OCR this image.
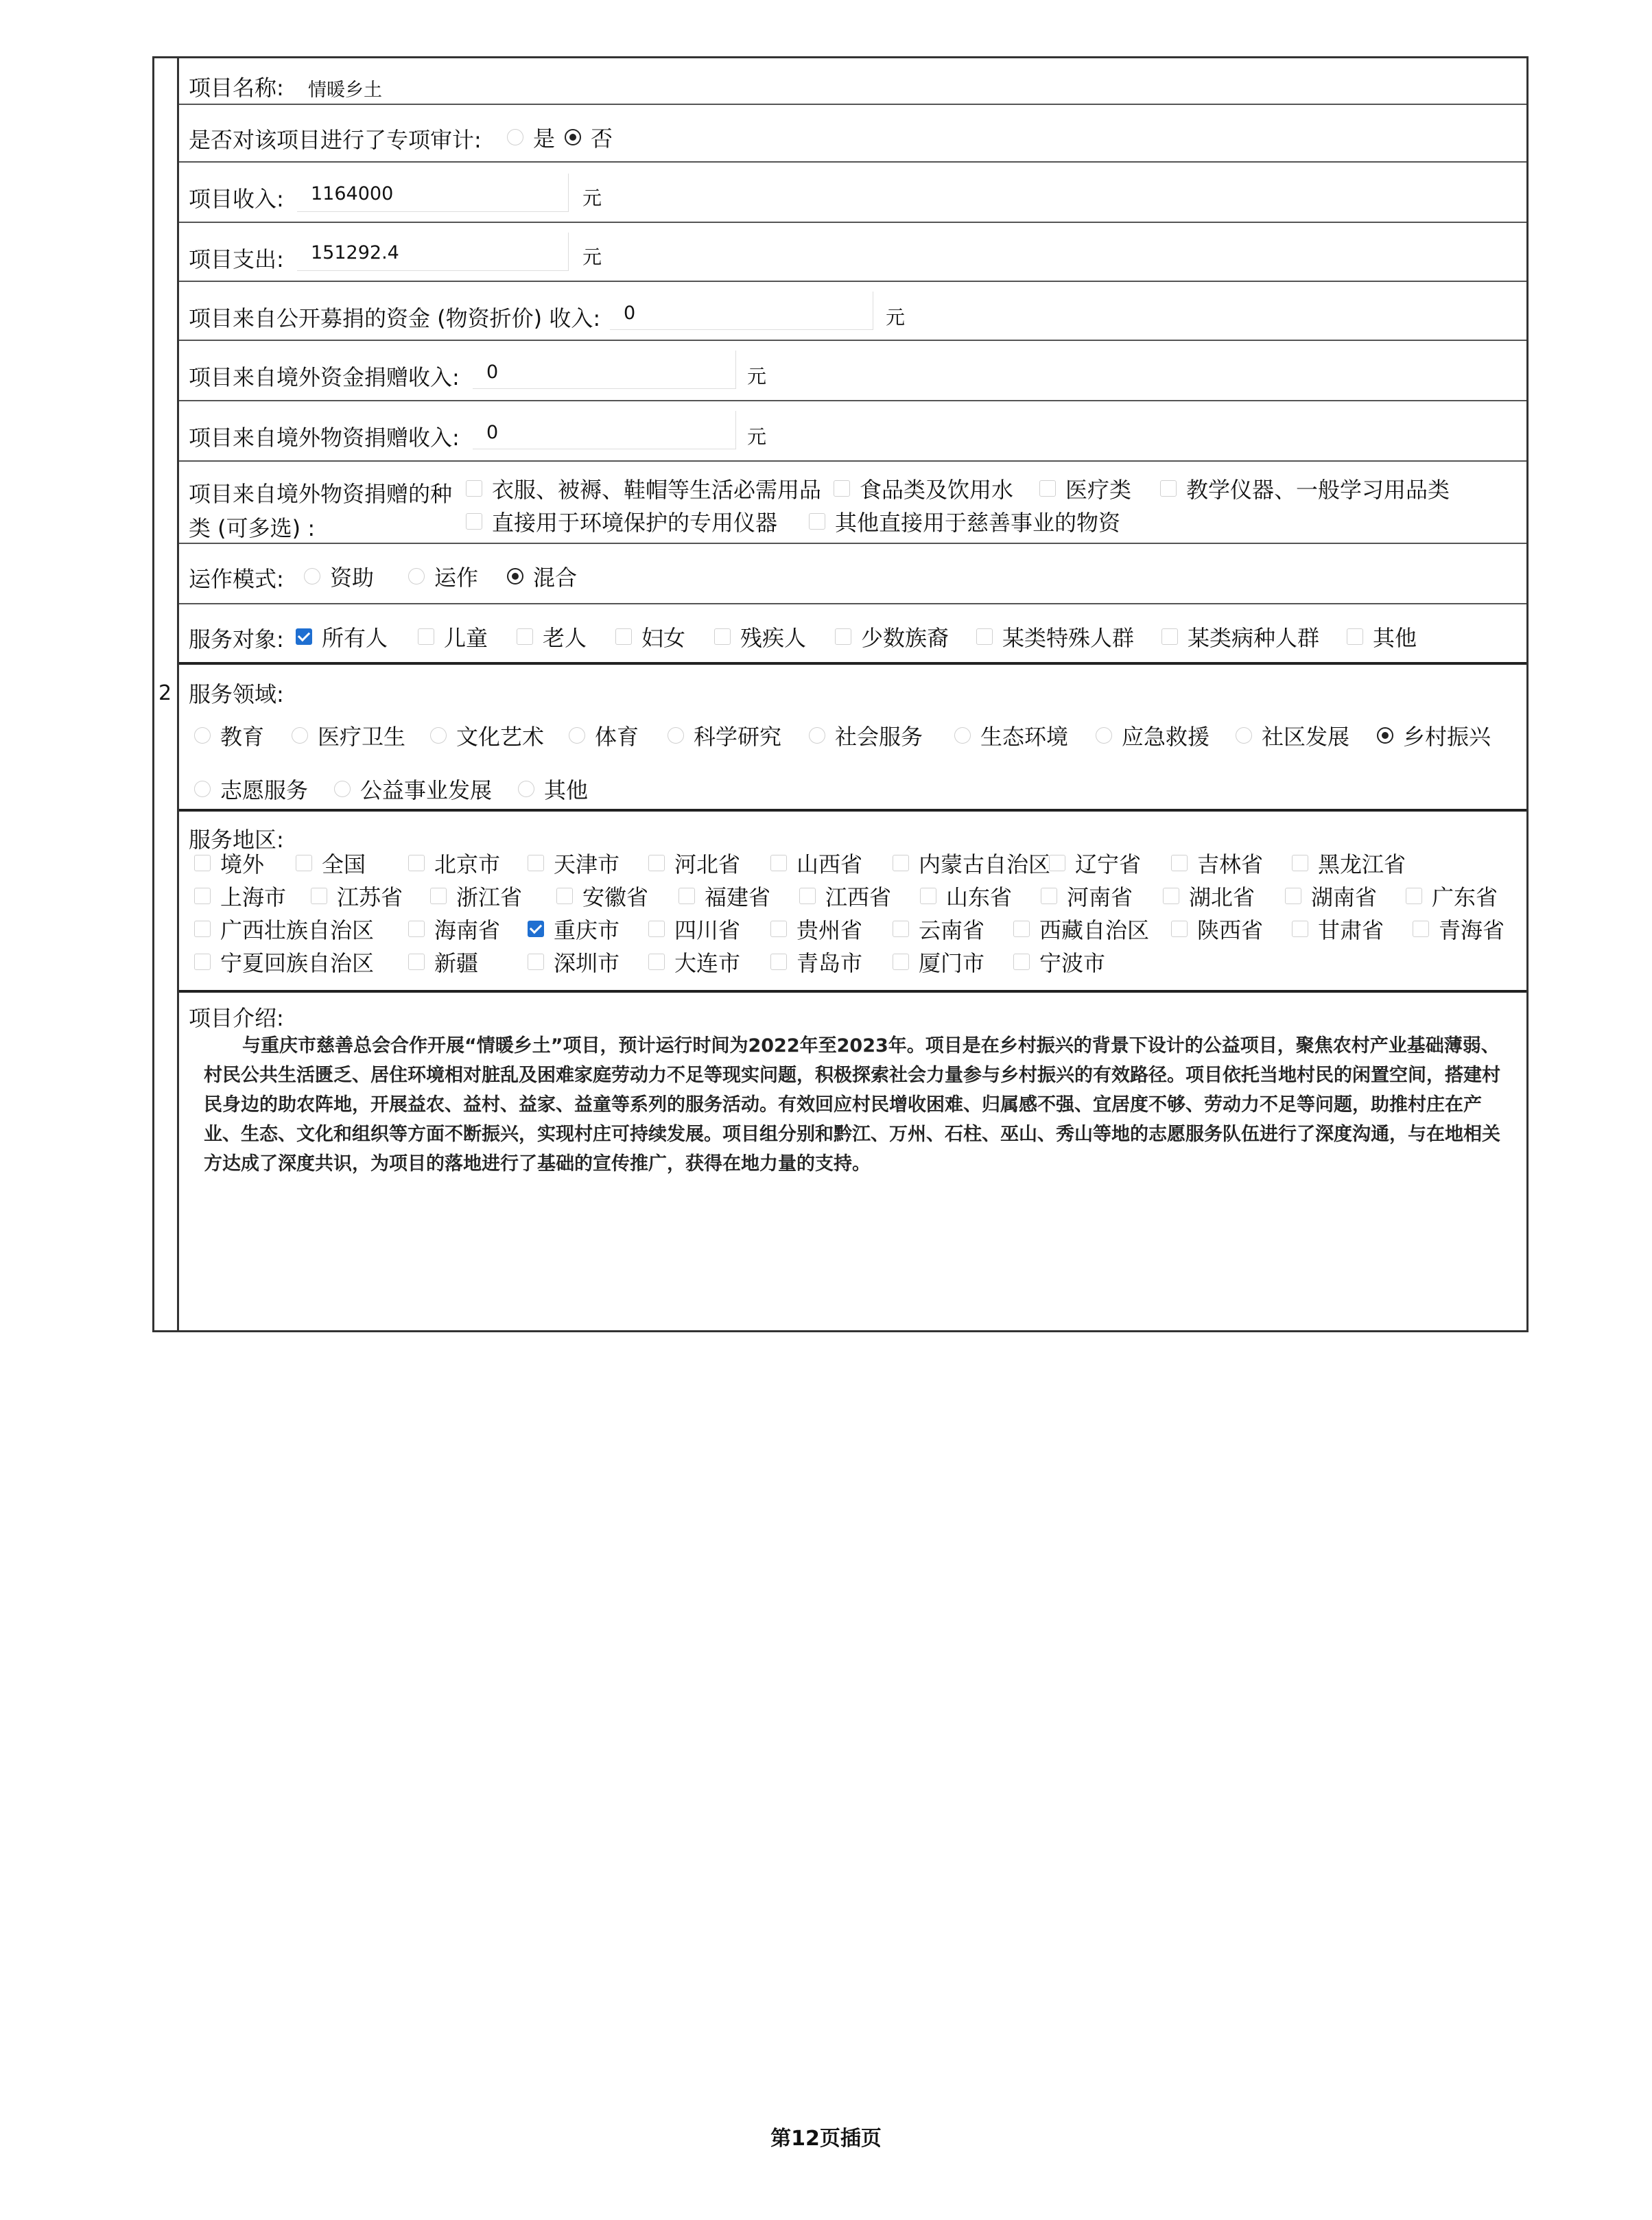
2
项目名称: 情暖乡土
是否对该项目进行了专项审计: 是 否
项目收入: 1164000	元
项目支出: 151292.4	元
项目来自公开募捐的资金 (物资折价) 收入: 0	元
项目来自境外资金捐赠收入: 0	元
项目来自境外物资捐赠收入: 0	元
项目来自境外物资捐赠的种
类 (可多选) :
衣服、被褥、鞋帽等生活必需用品 食品类及饮用水 医疗类 教学仪器、一般学习用品类
直接用于环境保护的专用仪器	其他直接用于慈善事业的物资
运作模式: 资助	运作 混合
服务对象: 所有人	儿童 老人 妇女 残疾人 少数族裔 某类特殊人群 某类病种人群 其他
服务领域:
教育 医疗卫生 文化艺术 体育 科学研究 社会服务	生态环境 应急救援 社区发展 乡村振兴
志愿服务 公益事业发展 其他
服务地区:
境外	全国	北京市 天津市 河北省	山西省	内蒙古自治区 辽宁省	吉林省 黑龙江省
上海市 江苏省 浙江省	安徽省	福建省 江西省 山东省 河南省	湖北省	湖南省 广东省
广西壮族自治区	海南省 重庆市 四川省	贵州省	云南省 西藏自治区 陕西省 甘肃省 青海省
宁夏回族自治区	新疆	深圳市 大连市	青岛市	厦门市 宁波市
项目介绍:
与重庆市慈善总会合作开展“情暖乡土”项目，预计运行时间为2022年至2023年。项目是在乡村振兴的背景下设计的公益项目，聚焦农村产业基础薄弱、村民公共生活匮乏、居住环境相对脏乱及困难家庭劳动力不足等现实问题，积极探索社会力量参与乡村振兴的有效路径。项目依托当地村民的闲置空间，搭建村民身边的助农阵地，开展益农、益村、益家、益童等系列的服务活动。有效回应村民增收困难、归属感不强、宜居度不够、劳动力不足等问题，助推村庄在产业、生态、文化和组织等方面不断振兴，实现村庄可持续发展。项目组分别和黔江、万州、石柱、巫山、秀山等地的志愿服务队伍进行了深度沟通，与在地相关方达成了深度共识，为项目的落地进行了基础的宣传推广，获得在地力量的支持。
第12页插页
